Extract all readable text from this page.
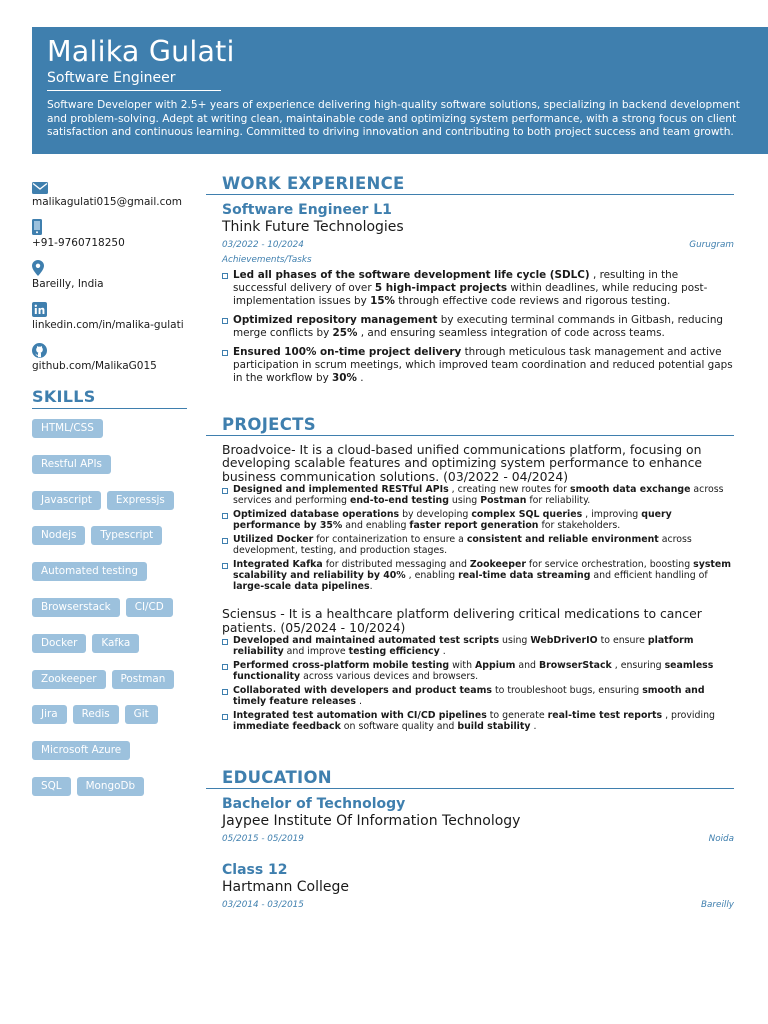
Malika Gulati
Software Engineer
Software Developer with 2.5+ years of experience delivering high-quality software solutions, specializing in backend development and problem-solving. Adept at writing clean, maintainable code and optimizing system performance, with a strong focus on client satisfaction and continuous learning. Committed to driving innovation and contributing to both project success and team growth.
malikagulati015@gmail.com
+91-9760718250
Bareilly, India
linkedin.com/in/malika-gulati
github.com/MalikaG015
SKILLS
HTML/CSS
Restful APIs
Javascript	Expressjs
Nodejs	Typescript
Automated testing
Browserstack	CI/CD
Docker	Kafka
Zookeeper	Postman
Jira	Redis	Git
Microsoft Azure
SQL	MongoDb
WORK EXPERIENCE
Software Engineer L1
Think Future Technologies
03/2022 - 10/2024	Gurugram
Achievements/Tasks
Led all phases of the software development life cycle (SDLC) , resulting in the successful delivery of over 5 high-impact projects within deadlines, while reducing post-implementation issues by 15% through effective code reviews and rigorous testing.
Optimized repository management by executing terminal commands in Gitbash, reducing merge conflicts by 25% , and ensuring seamless integration of code across teams.
Ensured 100% on-time project delivery through meticulous task management and active participation in scrum meetings, which improved team coordination and reduced potential gaps in the workflow by 30% .
PROJECTS
Broadvoice- It is a cloud-based unified communications platform, focusing on developing scalable features and optimizing system performance to enhance business communication solutions. (03/2022 - 04/2024)
Designed and implemented RESTful APIs , creating new routes for smooth data exchange across services and performing end-to-end testing using Postman for reliability.
Optimized database operations by developing complex SQL queries , improving query performance by 35% and enabling faster report generation for stakeholders.
Utilized Docker for containerization to ensure a consistent and reliable environment across development, testing, and production stages.
Integrated Kafka for distributed messaging and Zookeeper for service orchestration, boosting system scalability and reliability by 40% , enabling real-time data streaming and efficient handling of large-scale data pipelines.
Sciensus - It is a healthcare platform delivering critical medications to cancer patients. (05/2024 - 10/2024)
Developed and maintained automated test scripts using WebDriverIO to ensure platform reliability and improve testing efficiency .
Performed cross-platform mobile testing with Appium and BrowserStack , ensuring seamless functionality across various devices and browsers.
Collaborated with developers and product teams to troubleshoot bugs, ensuring smooth and timely feature releases .
Integrated test automation with CI/CD pipelines to generate real-time test reports , providing immediate feedback on software quality and build stability .
EDUCATION
Bachelor of Technology
Jaypee Institute Of Information Technology
05/2015 - 05/2019	Noida
Class 12
Hartmann College
03/2014 - 03/2015	Bareilly
